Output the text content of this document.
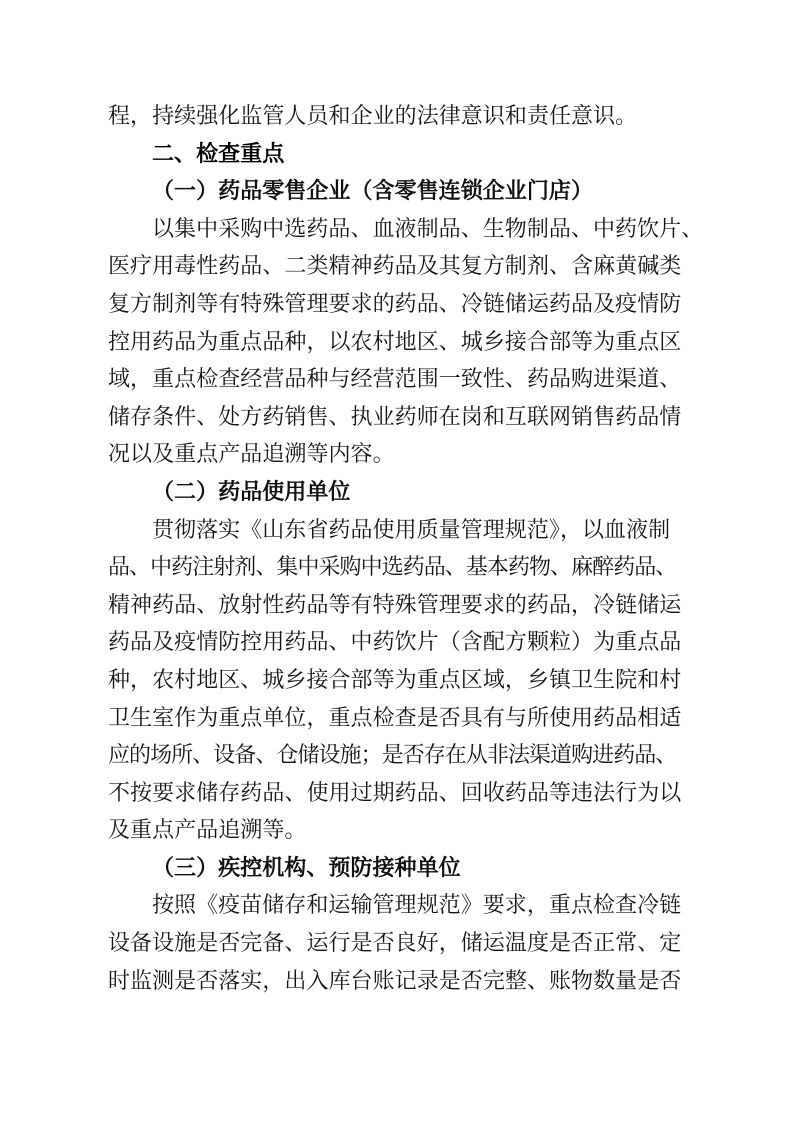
程，持续强化监管人员和企业的法律意识和责任意识。
二、检查重点
（一）药品零售企业（含零售连锁企业门店）
以集中采购中选药品、血液制品、生物制品、中药饮片、
医疗用毒性药品、二类精神药品及其复方制剂、含麻黄碱类
复方制剂等有特殊管理要求的药品、冷链储运药品及疫情防
控用药品为重点品种，以农村地区、城乡接合部等为重点区
域，重点检查经营品种与经营范围一致性、药品购进渠道、
储存条件、处方药销售、执业药师在岗和互联网销售药品情
况以及重点产品追溯等内容。
（二）药品使用单位
贯彻落实《山东省药品使用质量管理规范》，以血液制
品、中药注射剂、集中采购中选药品、基本药物、麻醉药品、
精神药品、放射性药品等有特殊管理要求的药品，冷链储运
药品及疫情防控用药品、中药饮片（含配方颗粒）为重点品
种，农村地区、城乡接合部等为重点区域，乡镇卫生院和村
卫生室作为重点单位，重点检查是否具有与所使用药品相适
应的场所、设备、仓储设施；是否存在从非法渠道购进药品、
不按要求储存药品、使用过期药品、回收药品等违法行为以
及重点产品追溯等。
（三）疾控机构、预防接种单位
按照《疫苗储存和运输管理规范》要求，重点检查冷链
设备设施是否完备、运行是否良好，储运温度是否正常、定
时监测是否落实，出入库台账记录是否完整、账物数量是否
